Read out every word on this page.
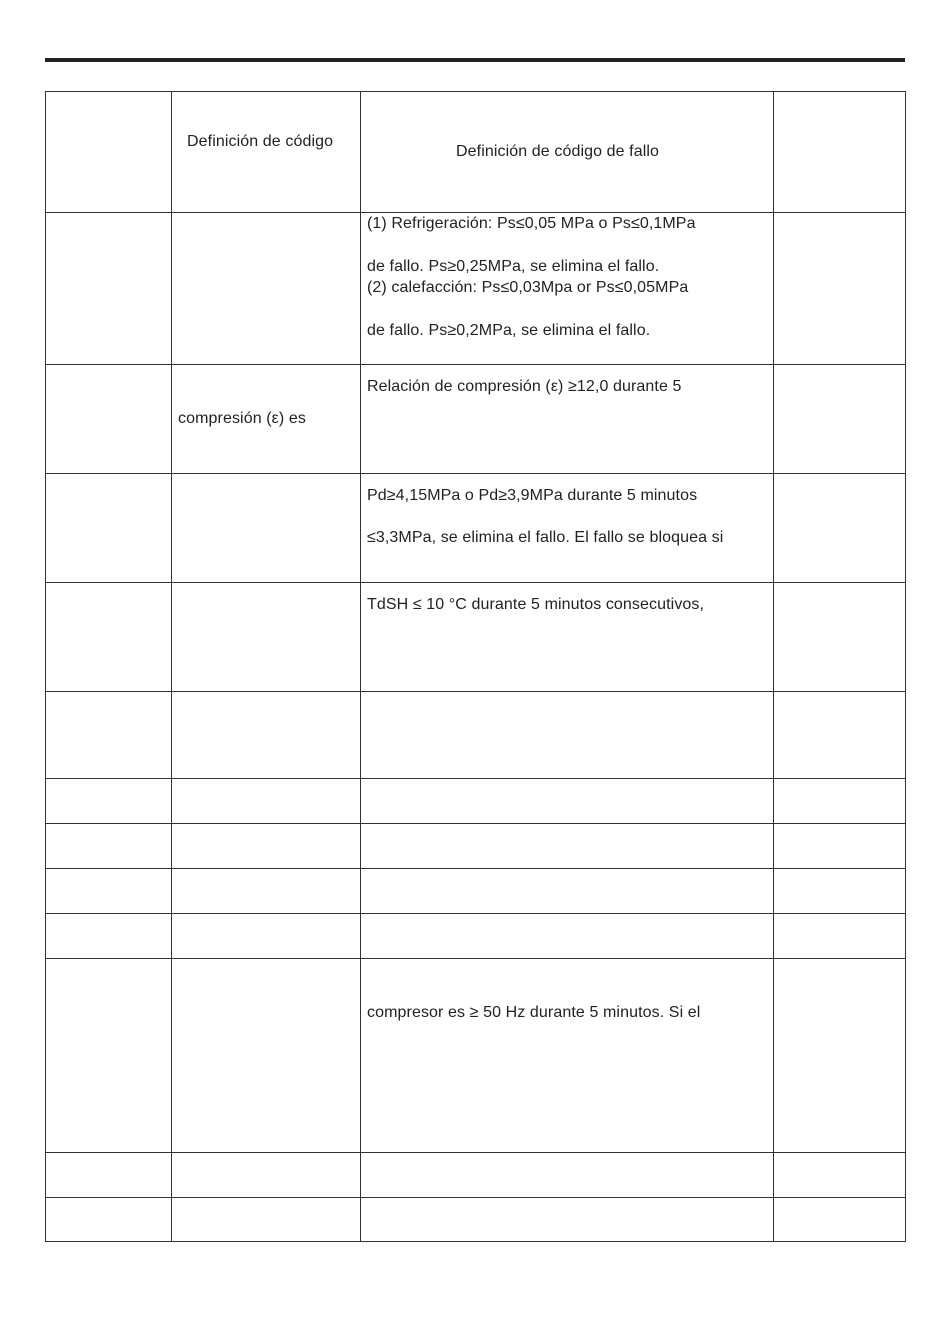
Definición de código
Definición de código de fallo
(1) Refrigeración: Ps≤0,05 MPa o Ps≤0,1MPa
de fallo. Ps≥0,25MPa, se elimina el fallo.
(2) calefacción: Ps≤0,03Mpa or Ps≤0,05MPa
de fallo. Ps≥0,2MPa, se elimina el fallo.
compresión (ε) es
Relación de compresión (ε) ≥12,0 durante 5
Pd≥4,15MPa o Pd≥3,9MPa durante 5 minutos
≤3,3MPa, se elimina el fallo. El fallo se bloquea si
TdSH ≤ 10 °C durante 5 minutos consecutivos,
compresor es ≥ 50 Hz durante 5 minutos. Si el
